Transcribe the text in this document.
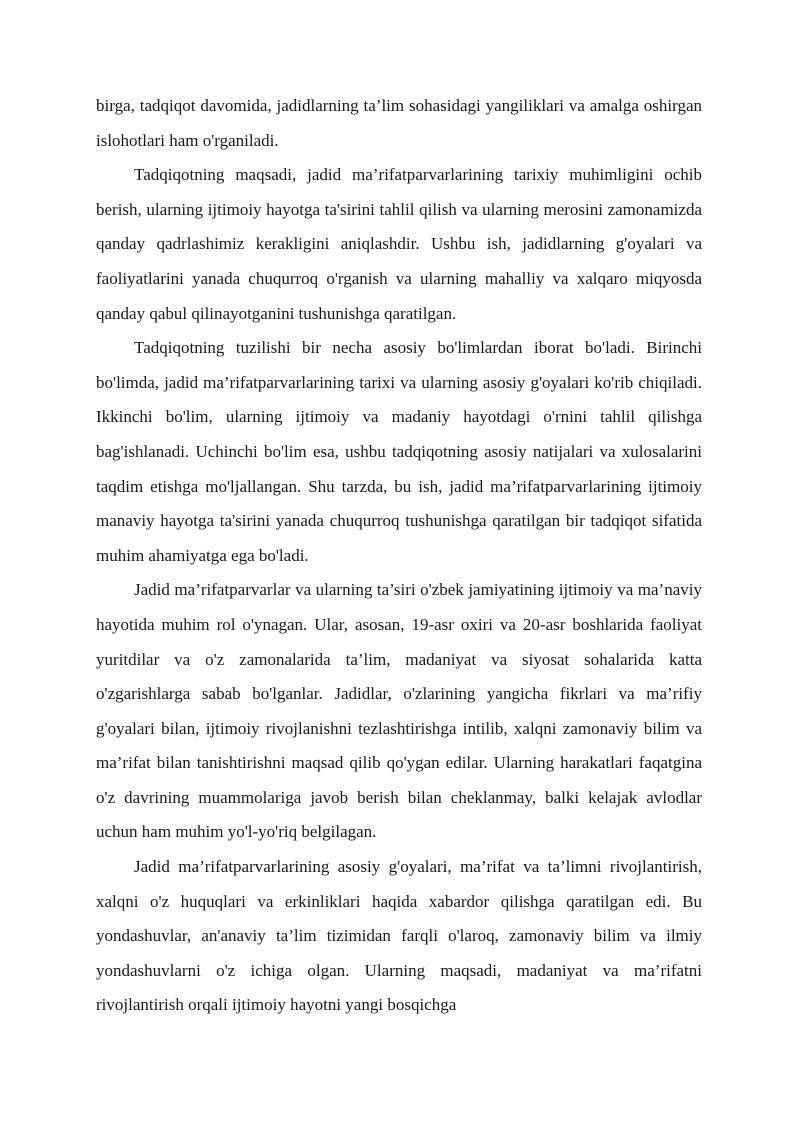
birga, tadqiqot davomida, jadidlarning ta’lim sohasidagi yangiliklari va amalga oshirgan islohotlari ham o'rganiladi.

Tadqiqotning maqsadi, jadid ma’rifatparvarlarining tarixiy muhimligini ochib berish, ularning ijtimoiy hayotga ta'sirini tahlil qilish va ularning merosini zamonamizda qanday qadrlashimiz kerakligini aniqlashdir. Ushbu ish, jadidlarning g'oyalari va faoliyatlarini yanada chuqurroq o'rganish va ularning mahalliy va xalqaro miqyosda qanday qabul qilinayotganini tushunishga qaratilgan.

Tadqiqotning tuzilishi bir necha asosiy bo'limlardan iborat bo'ladi. Birinchi bo'limda, jadid ma’rifatparvarlarining tarixi va ularning asosiy g'oyalari ko'rib chiqiladi. Ikkinchi bo'lim, ularning ijtimoiy va madaniy hayotdagi o'rnini tahlil qilishga bag'ishlanadi. Uchinchi bo'lim esa, ushbu tadqiqotning asosiy natijalari va xulosalarini taqdim etishga mo'ljallangan. Shu tarzda, bu ish, jadid ma’rifatparvarlarining ijtimoiy manaviy hayotga ta'sirini yanada chuqurroq tushunishga qaratilgan bir tadqiqot sifatida muhim ahamiyatga ega bo'ladi.

Jadid ma’rifatparvarlar va ularning ta’siri o'zbek jamiyatining ijtimoiy va ma’naviy hayotida muhim rol o'ynagan. Ular, asosan, 19-asr oxiri va 20-asr boshlarida faoliyat yuritdilar va o'z zamonalarida ta’lim, madaniyat va siyosat sohalarida katta o'zgarishlarga sabab bo'lganlar. Jadidlar, o'zlarining yangicha fikrlari va ma’rifiy g'oyalari bilan, ijtimoiy rivojlanishni tezlashtirishga intilib, xalqni zamonaviy bilim va ma’rifat bilan tanishtirishni maqsad qilib qo'ygan edilar. Ularning harakatlari faqatgina o'z davrining muammolariga javob berish bilan cheklanmay, balki kelajak avlodlar uchun ham muhim yo'l-yo'riq belgilagan.

Jadid ma’rifatparvarlarining asosiy g'oyalari, ma’rifat va ta’limni rivojlantirish, xalqni o'z huquqlari va erkinliklari haqida xabardor qilishga qaratilgan edi. Bu yondashuvlar, an'anaviy ta’lim tizimidan farqli o'laroq, zamonaviy bilim va ilmiy yondashuvlarni o'z ichiga olgan. Ularning maqsadi, madaniyat va ma’rifatni rivojlantirish orqali ijtimoiy hayotni yangi bosqichga
